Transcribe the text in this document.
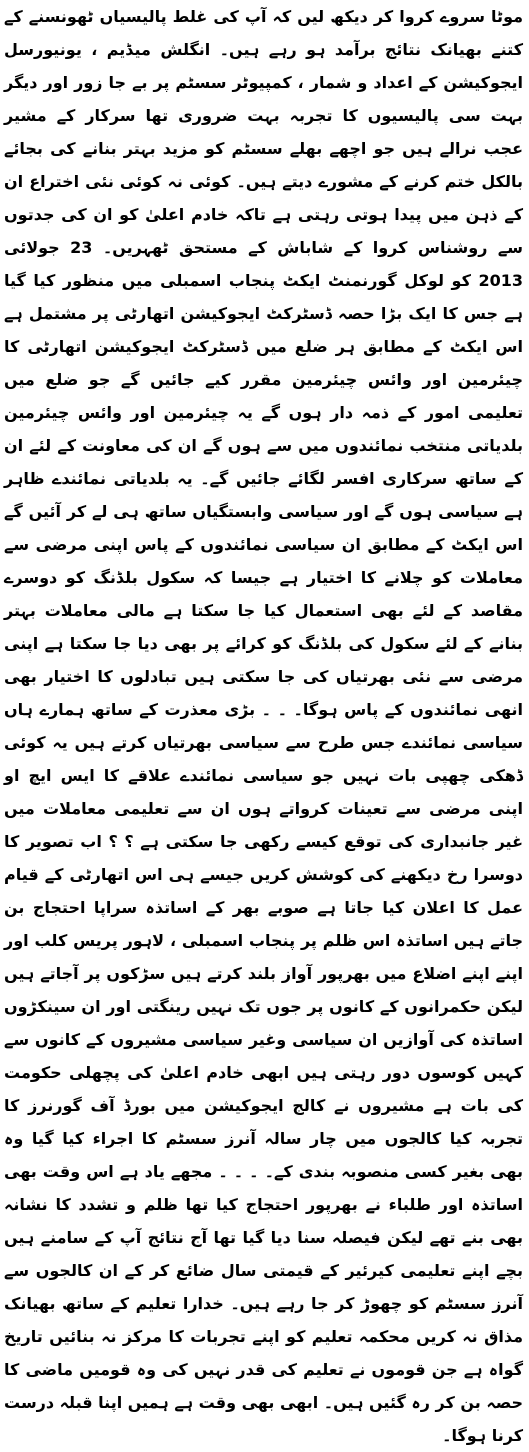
موٹا سروے کروا کر دیکھ لیں کہ آپ کی غلط پالیسیاں ٹھونسنے کے کتنے بھیانک نتائج برآمد ہو رہے ہیں۔ انگلش میڈیم ، یونیورسل ایجوکیشن کے اعداد و شمار ، کمپیوٹر سسٹم پر بے جا زور اور دیگر بہت سی پالیسیوں کا تجربہ بہت ضروری تھا سرکار کے مشیر عجب نرالے ہیں جو اچھے بھلے سسٹم کو مزید بہتر بنانے کی بجائے بالکل ختم کرنے کے مشورے دیتے ہیں۔ کوئی نہ کوئی نئی اختراع ان کے ذہن میں پیدا ہوتی رہتی ہے تاکہ خادم اعلیٰ کو ان کی جدتوں سے روشناس کروا کے شاباش کے مستحق ٹھہریں۔ 23 جولائی 2013 کو لوکل گورنمنٹ ایکٹ پنجاب اسمبلی میں منظور کیا گیا ہے جس کا ایک بڑا حصہ ڈسٹرکٹ ایجوکیشن اتھارٹی پر مشتمل ہے اس ایکٹ کے مطابق ہر ضلع میں ڈسٹرکٹ ایجوکیشن اتھارٹی کا چیئرمین اور وائس چیئرمین مقرر کیے جائیں گے جو ضلع میں تعلیمی امور کے ذمہ دار ہوں گے یہ چیئرمین اور وائس چیئرمین بلدیاتی منتخب نمائندوں میں سے ہوں گے ان کی معاونت کے لئے ان کے ساتھ سرکاری افسر لگائے جائیں گے۔ یہ بلدیاتی نمائندے ظاہر ہے سیاسی ہوں گے اور سیاسی وابستگیاں ساتھ ہی لے کر آئیں گے اس ایکٹ کے مطابق ان سیاسی نمائندوں کے پاس اپنی مرضی سے معاملات کو چلانے کا اختیار ہے جیسا کہ سکول بلڈنگ کو دوسرے مقاصد کے لئے بھی استعمال کیا جا سکتا ہے مالی معاملات بہتر بنانے کے لئے سکول کی بلڈنگ کو کرائے پر بھی دیا جا سکتا ہے اپنی مرضی سے نئی بھرتیاں کی جا سکتی ہیں تبادلوں کا اختیار بھی انھی نمائندوں کے پاس ہوگا۔ ۔ ۔ بڑی معذرت کے ساتھ ہمارے ہاں سیاسی نمائندے جس طرح سے سیاسی بھرتیاں کرتے ہیں یہ کوئی ڈھکی چھپی بات نہیں جو سیاسی نمائندے علاقے کا ایس ایچ او اپنی مرضی سے تعینات کرواتے ہوں ان سے تعلیمی معاملات میں غیر جانبداری کی توقع کیسے رکھی جا سکتی ہے ؟ ؟ اب تصویر کا دوسرا رخ دیکھنے کی کوشش کریں جیسے ہی اس اتھارٹی کے قیام عمل کا اعلان کیا جاتا ہے صوبے بھر کے اساتذہ سراپا احتجاج بن جاتے ہیں اساتذہ اس ظلم پر پنجاب اسمبلی ، لاہور پریس کلب اور اپنے اپنے اضلاع میں بھرپور آواز بلند کرتے ہیں سڑکوں پر آجاتے ہیں لیکن حکمرانوں کے کانوں پر جوں تک نہیں رینگتی اور ان سینکڑوں اساتذہ کی آوازیں ان سیاسی وغیر سیاسی مشیروں کے کانوں سے کہیں کوسوں دور رہتی ہیں ابھی خادم اعلیٰ کی پچھلی حکومت کی بات ہے مشیروں نے کالج ایجوکیشن میں بورڈ آف گورنرز کا تجربہ کیا کالجوں میں چار سالہ آنرز سسٹم کا اجراء کیا گیا وہ بھی بغیر کسی منصوبہ بندی کے۔ ۔ ۔ ۔ مجھے یاد ہے اس وقت بھی اساتذہ اور طلباء نے بھرپور احتجاج کیا تھا ظلم و تشدد کا نشانہ بھی بنے تھے لیکن فیصلہ سنا دیا گیا تھا آج نتائج آپ کے سامنے ہیں بچے اپنے تعلیمی کیرئیر کے قیمتی سال ضائع کر کے ان کالجوں سے آنرز سسٹم کو چھوڑ کر جا رہے ہیں۔ خدارا تعلیم کے ساتھ بھیانک مذاق نہ کریں محکمہ تعلیم کو اپنے تجربات کا مرکز نہ بنائیں تاریخ گواہ ہے جن قوموں نے تعلیم کی قدر نہیں کی وہ قومیں ماضی کا حصہ بن کر رہ گئیں ہیں۔ ابھی بھی وقت ہے ہمیں اپنا قبلہ درست کرنا ہوگا۔
